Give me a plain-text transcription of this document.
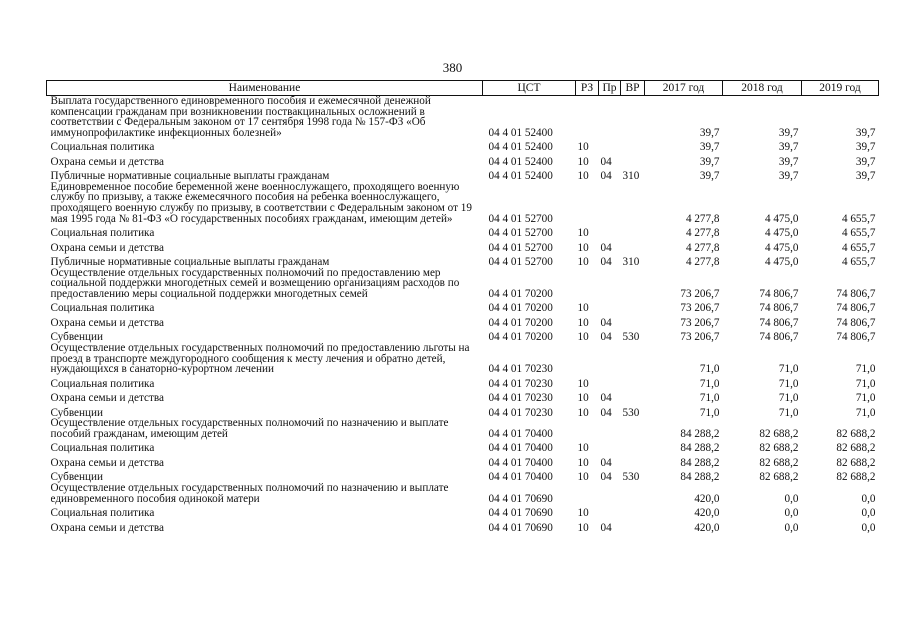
380
Наименование	ЦСТ	РЗ	Пр	ВР	2017 год	2018 год	2019 год
Выплата государственного единовременного пособия и ежемесячной денежной компенсации гражданам при возникновении поствакцинальных осложнений в соответствии с Федеральным законом от 17 сентября 1998 года № 157-ФЗ «Об иммунопрофилактике инфекционных болезней»	04 4 01 52400				39,7	39,7	39,7
Социальная политика	04 4 01 52400	10			39,7	39,7	39,7
Охрана семьи и детства	04 4 01 52400	10	04		39,7	39,7	39,7
Публичные нормативные социальные выплаты гражданам	04 4 01 52400	10	04	310	39,7	39,7	39,7
Единовременное пособие беременной жене военнослужащего, проходящего военную службу по призыву, а также ежемесячного пособия на ребенка военнослужащего, проходящего военную службу по призыву, в соответствии с Федеральным законом от 19 мая 1995 года № 81-ФЗ «О государственных пособиях гражданам, имеющим детей»	04 4 01 52700				4 277,8	4 475,0	4 655,7
Социальная политика	04 4 01 52700	10			4 277,8	4 475,0	4 655,7
Охрана семьи и детства	04 4 01 52700	10	04		4 277,8	4 475,0	4 655,7
Публичные нормативные социальные выплаты гражданам	04 4 01 52700	10	04	310	4 277,8	4 475,0	4 655,7
Осуществление отдельных государственных полномочий по предоставлению мер социальной поддержки многодетных семей и возмещению организациям расходов по предоставлению меры социальной поддержки многодетных семей	04 4 01 70200				73 206,7	74 806,7	74 806,7
Социальная политика	04 4 01 70200	10			73 206,7	74 806,7	74 806,7
Охрана семьи и детства	04 4 01 70200	10	04		73 206,7	74 806,7	74 806,7
Субвенции	04 4 01 70200	10	04	530	73 206,7	74 806,7	74 806,7
Осуществление отдельных государственных полномочий по предоставлению льготы на проезд в транспорте междугородного сообщения к месту лечения и обратно детей, нуждающихся в санаторно-курортном лечении	04 4 01 70230				71,0	71,0	71,0
Социальная политика	04 4 01 70230	10			71,0	71,0	71,0
Охрана семьи и детства	04 4 01 70230	10	04		71,0	71,0	71,0
Субвенции	04 4 01 70230	10	04	530	71,0	71,0	71,0
Осуществление отдельных государственных полномочий по назначению и выплате пособий гражданам, имеющим детей	04 4 01 70400				84 288,2	82 688,2	82 688,2
Социальная политика	04 4 01 70400	10			84 288,2	82 688,2	82 688,2
Охрана семьи и детства	04 4 01 70400	10	04		84 288,2	82 688,2	82 688,2
Субвенции	04 4 01 70400	10	04	530	84 288,2	82 688,2	82 688,2
Осуществление отдельных государственных полномочий по назначению и выплате единовременного пособия одинокой матери	04 4 01 70690				420,0	0,0	0,0
Социальная политика	04 4 01 70690	10			420,0	0,0	0,0
Охрана семьи и детства	04 4 01 70690	10	04		420,0	0,0	0,0
